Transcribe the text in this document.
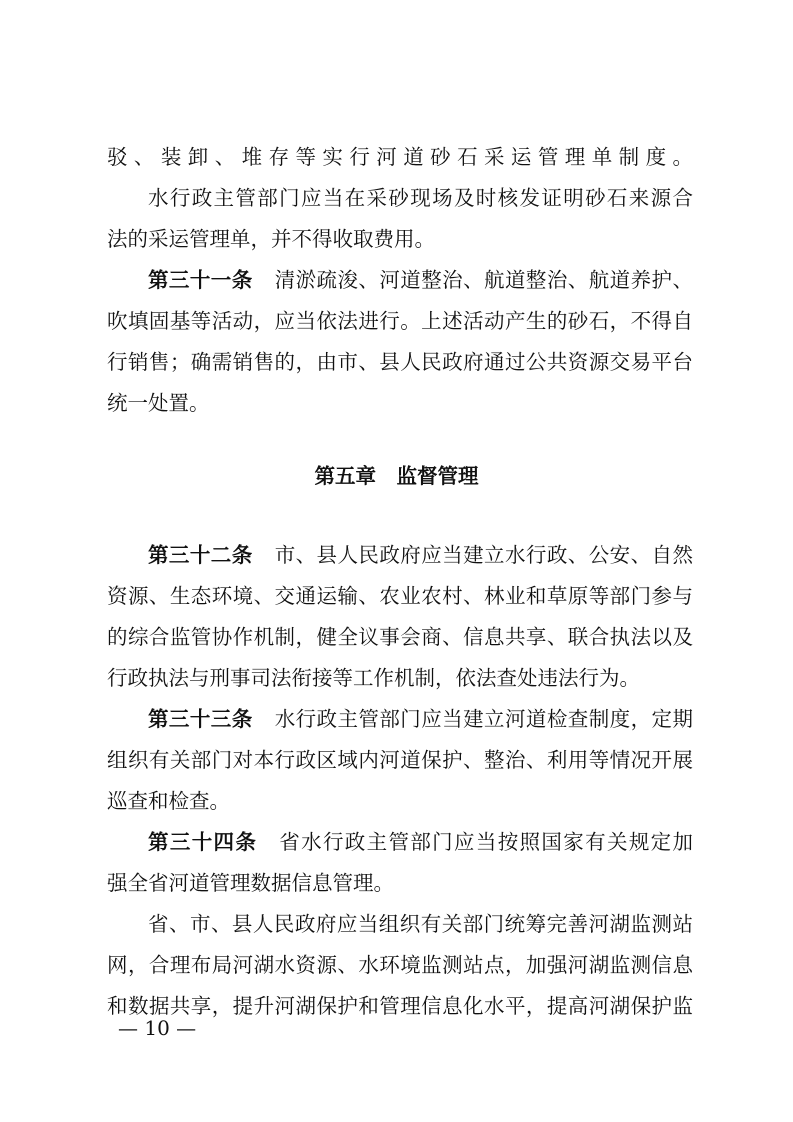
驳、装卸、堆存等实行河道砂石采运管理单制度。
水行政主管部门应当在采砂现场及时核发证明砂石来源合
法的采运管理单，并不得收取费用。
第三十一条 清淤疏浚、河道整治、航道整治、航道养护、
吹填固基等活动，应当依法进行。上述活动产生的砂石，不得自
行销售；确需销售的，由市、县人民政府通过公共资源交易平台
统一处置。
第五章　监督管理
第三十二条 市、县人民政府应当建立水行政、公安、自然
资源、生态环境、交通运输、农业农村、林业和草原等部门参与
的综合监管协作机制，健全议事会商、信息共享、联合执法以及
行政执法与刑事司法衔接等工作机制，依法查处违法行为。
第三十三条 水行政主管部门应当建立河道检查制度，定期
组织有关部门对本行政区域内河道保护、整治、利用等情况开展
巡查和检查。
第三十四条 省水行政主管部门应当按照国家有关规定加
强全省河道管理数据信息管理。
省、市、县人民政府应当组织有关部门统筹完善河湖监测站
网，合理布局河湖水资源、水环境监测站点，加强河湖监测信息
和数据共享，提升河湖保护和管理信息化水平，提高河湖保护监
— 10 —
